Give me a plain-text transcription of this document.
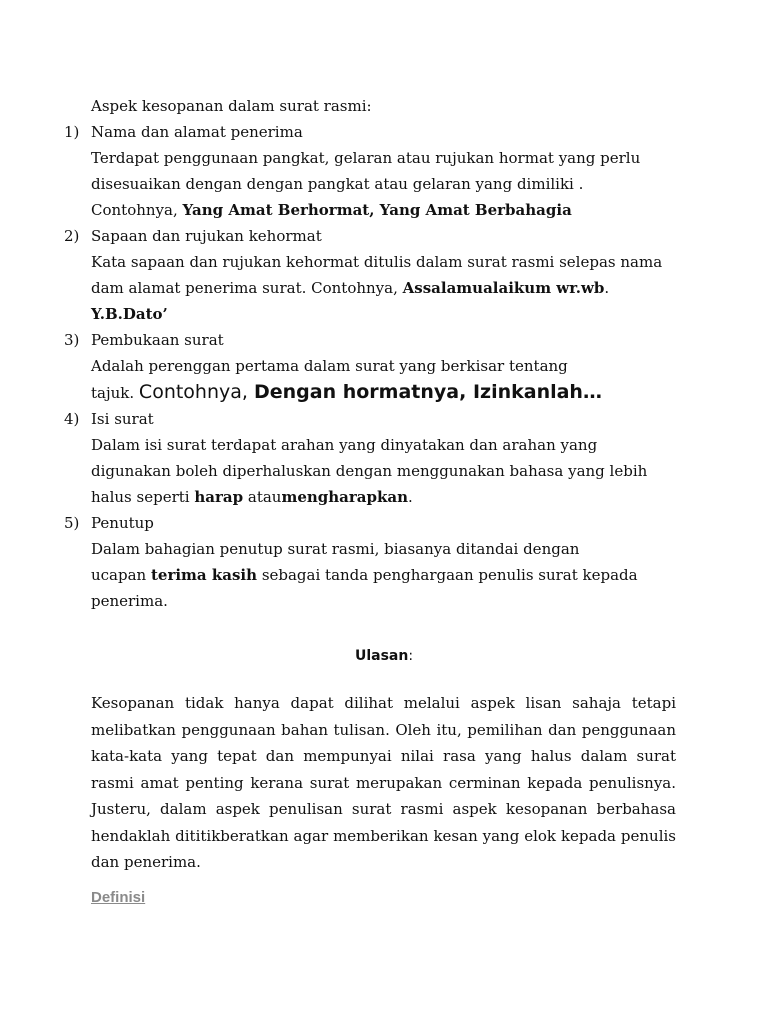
Aspek kesopanan dalam surat rasmi:
1) Nama dan alamat penerima
Terdapat penggunaan pangkat, gelaran atau rujukan hormat yang perlu
disesuaikan dengan dengan pangkat atau gelaran yang dimiliki .
Contohnya, Yang Amat Berhormat, Yang Amat Berbahagia
2) Sapaan dan rujukan kehormat
Kata sapaan dan rujukan kehormat ditulis dalam surat rasmi selepas nama
dam alamat penerima surat. Contohnya, Assalamualaikum wr.wb.
Y.B.Dato’
3) Pembukaan surat
Adalah perenggan pertama dalam surat yang berkisar tentang
tajuk. Contohnya, Dengan hormatnya, Izinkanlah…
4) Isi surat
Dalam isi surat terdapat arahan yang dinyatakan dan arahan yang
digunakan boleh diperhaluskan dengan menggunakan bahasa yang lebih
halus seperti harap ataumengharapkan.
5) Penutup
Dalam bahagian penutup surat rasmi, biasanya ditandai dengan
ucapan terima kasih sebagai tanda penghargaan penulis surat kepada
penerima.
Ulasan:
Kesopanan tidak hanya dapat dilihat melalui aspek lisan sahaja tetapi melibatkan penggunaan bahan tulisan. Oleh itu, pemilihan dan penggunaan kata-kata yang tepat dan mempunyai nilai rasa yang halus dalam surat rasmi amat penting kerana surat merupakan cerminan kepada penulisnya. Justeru, dalam aspek penulisan surat rasmi aspek kesopanan berbahasa hendaklah dititikberatkan agar memberikan kesan yang elok kepada penulis dan penerima.
Definisi
